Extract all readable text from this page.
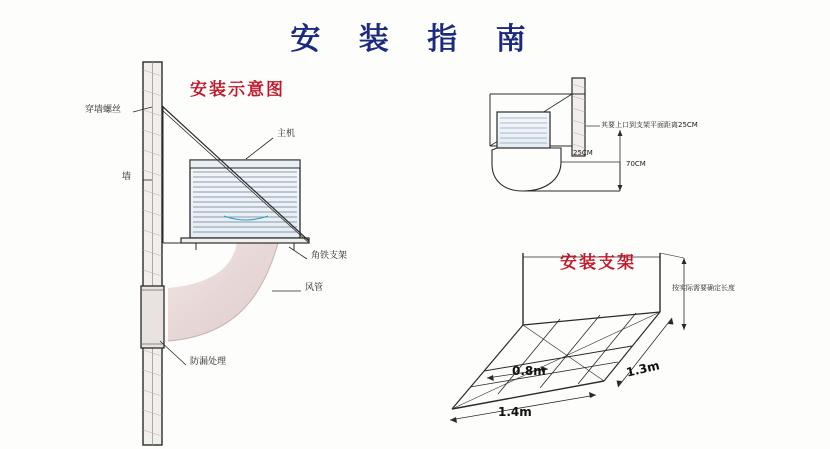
安 装 指 南
安装示意图
穿墙螺丝
墙
主机
角铁支架
风管
防漏处理
其要上口到支架平面距离25CM
25CM
70CM
安装支架
按实际需要确定长度
0.8m	1.3m
1.4m
